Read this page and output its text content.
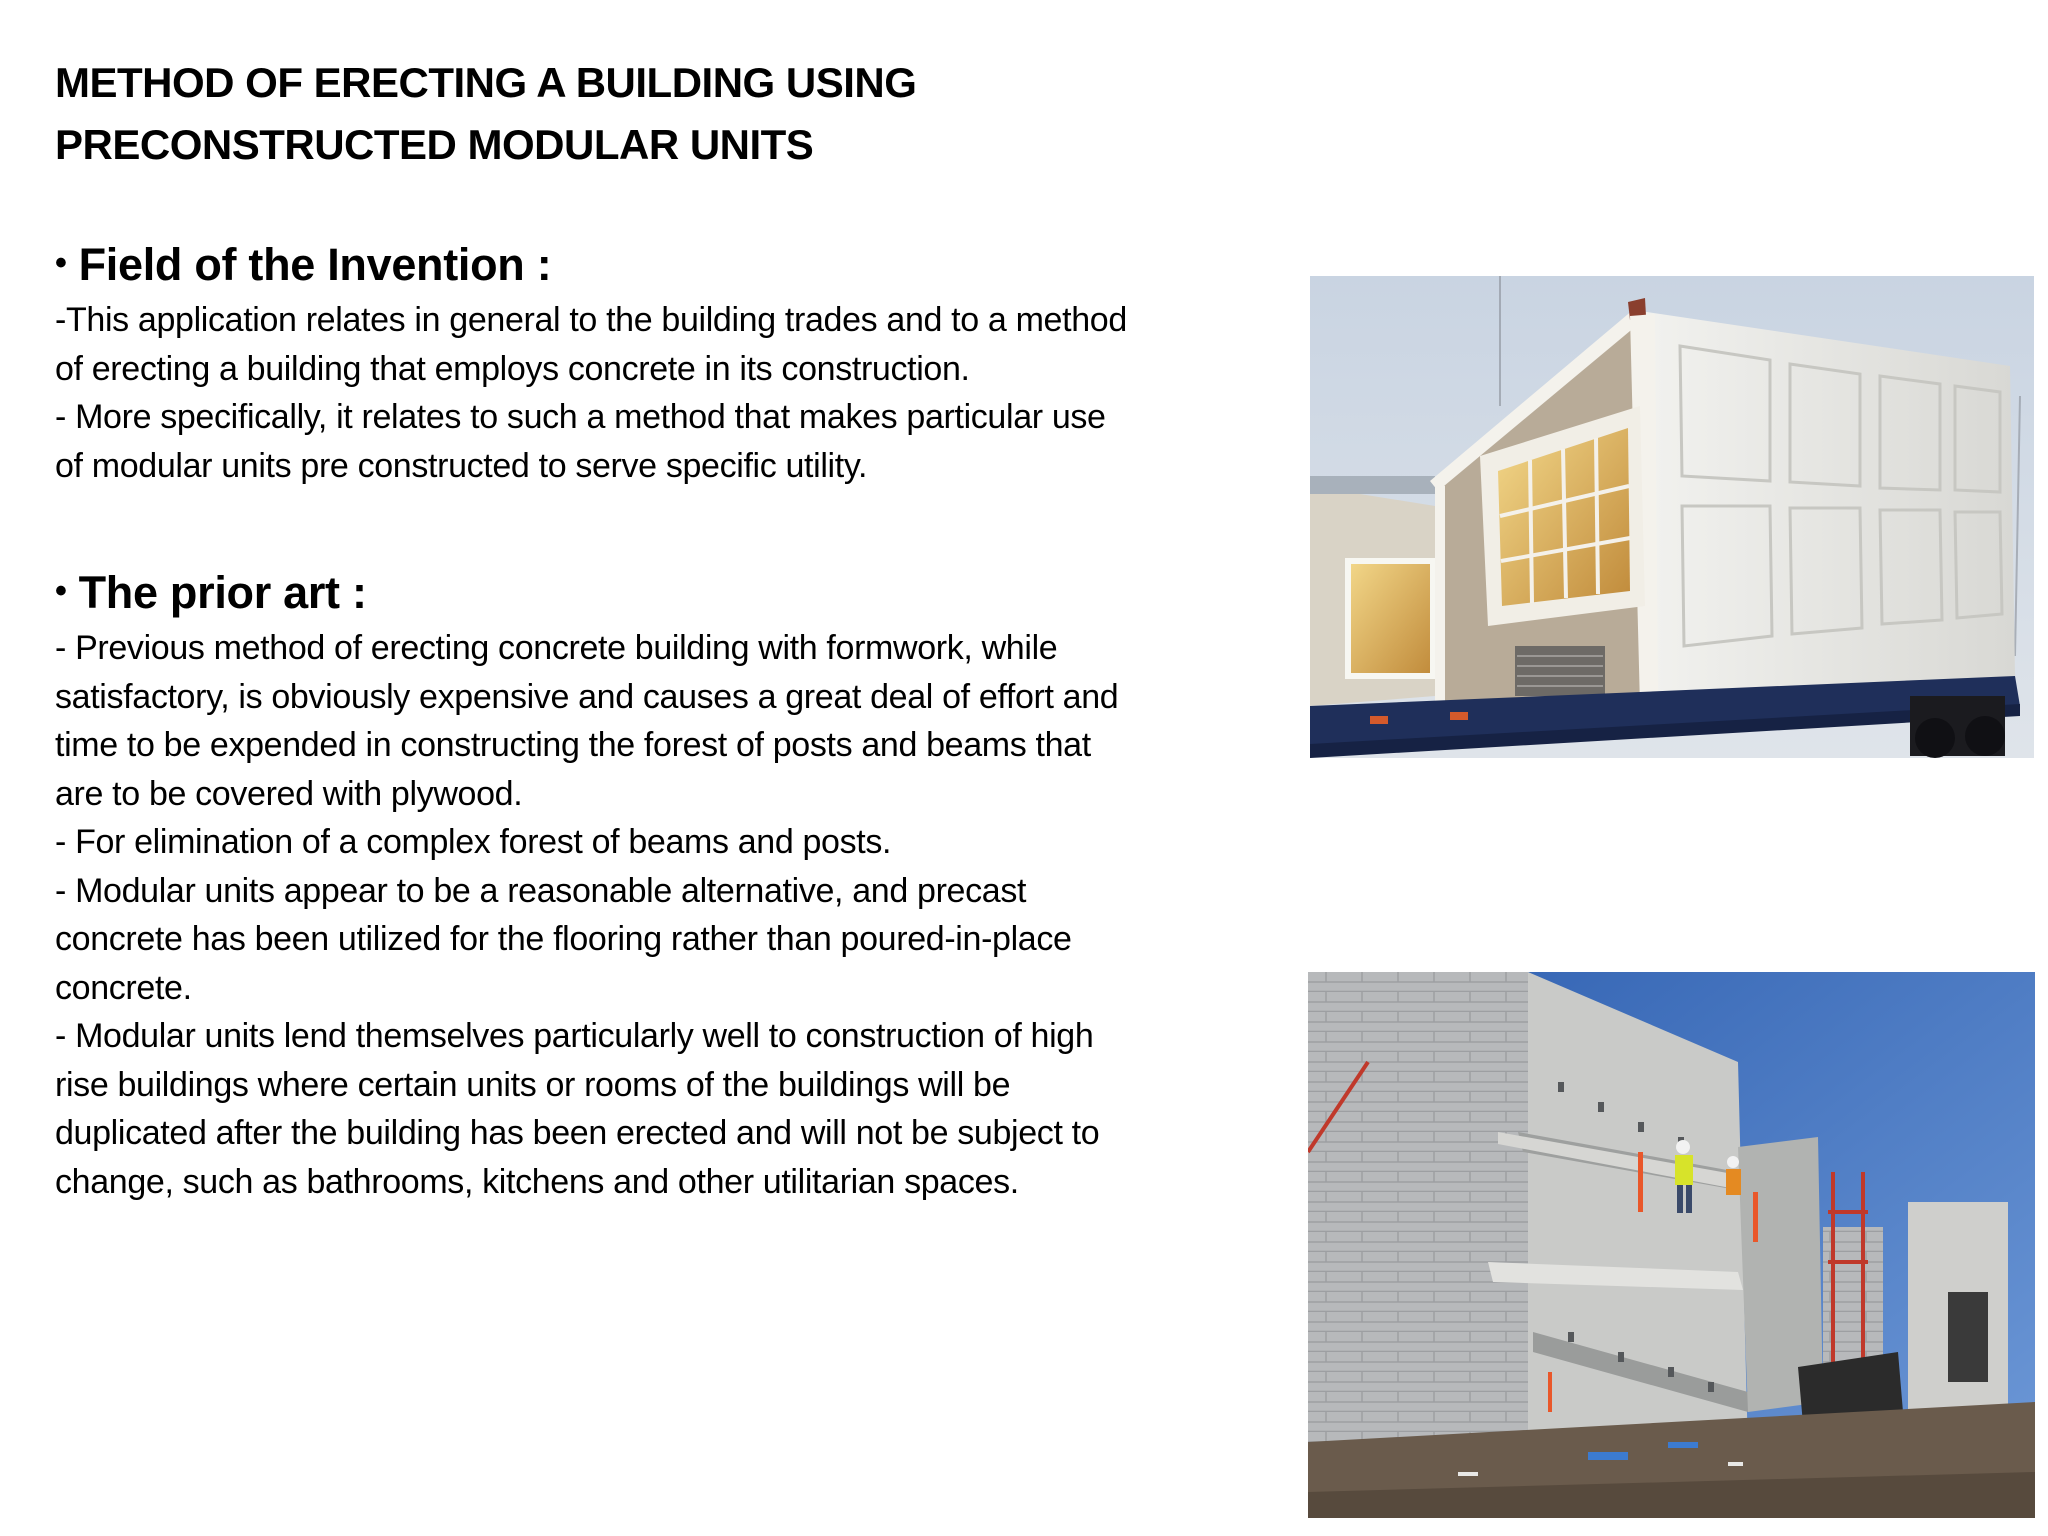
METHOD OF ERECTING A BUILDING USING
PRECONSTRUCTED MODULAR UNITS
• Field of the Invention :
-This application relates in general to the building trades and to a method
of erecting a building that employs concrete in its construction.
- More specifically, it relates to such a method that makes particular use
of modular units pre constructed to serve specific utility.
• The prior art :
- Previous method of erecting concrete building with formwork, while
satisfactory, is obviously expensive and causes a great deal of effort and
time to be expended in constructing the forest of posts and beams that
are to be covered with plywood.
- For elimination of a complex forest of beams and posts.
- Modular units appear to be a reasonable alternative, and precast
concrete has been utilized for the flooring rather than poured-in-place
concrete.
- Modular units lend themselves particularly well to construction of high
rise buildings where certain units or rooms of the buildings will be
duplicated after the building has been erected and will not be subject to
change, such as bathrooms, kitchens and other utilitarian spaces.
